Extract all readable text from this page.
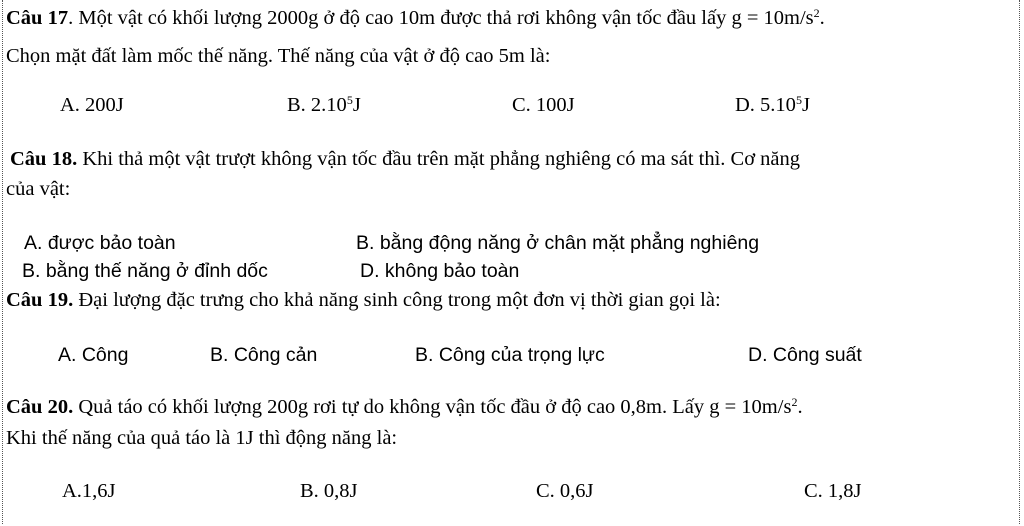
Câu 17. Một vật có khối lượng 2000g ở độ cao 10m được thả rơi không vận tốc đầu lấy $g = 10m/s^2$.
Chọn mặt đất làm mốc thế năng. Thế năng của vật ở độ cao 5m là:
A. 200J	B. 2.10$^5$J	C. 100J	D. 5.10$^5$J
Câu 18. Khi thả một vật trượt không vận tốc đầu trên mặt phẳng nghiêng có ma sát thì. Cơ năng
của vật:
A. được bảo toàn	B. bằng động năng ở chân mặt phẳng nghiêng
B. bằng thế năng ở đỉnh dốc	D. không bảo toàn
Câu 19. Đại lượng đặc trưng cho khả năng sinh công trong một đơn vị thời gian gọi là:
A. Công	B. Công cản	B. Công của trọng lực	D. Công suất
Câu 20. Quả táo có khối lượng 200g rơi tự do không vận tốc đầu ở độ cao 0,8m. Lấy $g = 10m/s^2$.
Khi thế năng của quả táo là 1J thì động năng là:
A.1,6J	B. 0,8J	C. 0,6J	C. 1,8J
